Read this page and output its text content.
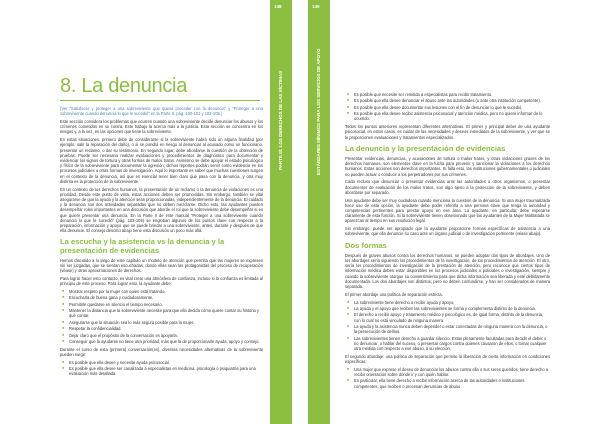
8. La denuncia

(Ver “Satisfacer y proteger a una sobreviviente que quiera proceder con la denuncia” y “Proteger a una sobreviviente cuando denuncia lo que le sucedió” en la Parte II, pág. 100-101 y 102-105.)

Este sección considera los problemas que ocurren cuando una sobreviviente decide denunciar los abusos y los crímenes cometidos en su contra. Este trabajo la acerca más a la justicia. Esta sección se concentra en los riesgos y, a la vez, en las opciones que tiene la sobreviviente.

En estas situaciones, primero debe de considerarse si la sobreviviente habrá sido un alguna finalidad (por ejemplo: salir la reparación del daño), o si se pondrá en riesgo al denunciar al acusado como un funcionario, presentar un reclamo, o dar su testimonio. En segundo lugar, debe abordarse la cuestión de la obtención de pruebas. Puede ser necesario realizar evaluaciones y procedimientos de diagnóstico para documentar y evidenciar los signos de tortura y otras formas de malos tratos. Asimismo se debe apoyar el estado psicológico y físico de la sobreviviente para documentar la agresión; dichos reportes podrán servir como evidencia en los procesos judiciales u otras formas de investigación. Aquí lo importante es saber que muchas cuestiones surgen en el contexto de la denuncia, así que es esencial tener bien claro qué pasa con la denuncia, y otra muy distinta es la protección de la sobreviviente.

En un contexto de los derechos humanos, la presentación de un reclamo o la denuncia de violaciones es una prioridad. Desde este punto de vista, estas acciones deben ser promovidas. Sin embargo, también se vital asegurarse de que la ayuda y la atención sean proporcionadas, independientemente de la denuncia. El cuidado y la denuncia son dos actividades separadas que no deben mezclarse. Dicho esto, las ayudantes pueden desempeñar roles importantes en una discusión que aborde el rol que la sobreviviente debe desempeñar si es que quiere presentar una denuncia. En la Parte II de este manual “Proteger a una sobreviviente cuando denuncia lo que le sucedió” (pág. 102-105) se engloban algunos de los puntos clave con respecto a la preparación, información y apoyo que se puede brindar a una sobreviviente, antes, durante y después de que ella denuncie. El consejo descrito abajo tiene esta discusión un poco más allá.

La escucha y la asistencia vs la denuncia y la presentación de evidencias

Hemos discutido a lo largo de este capítulo un modelo de atención que permita que las mujeres se expresen sin ser juzgadas, que se sientan escuchadas, donde ellas sean las protagonistas del proceso de recuperación (véase) y otras aproximaciones de derechos.

Para lograr hacer esto contacto, es vital crear una atmósfera de confianza, incluso si la confianza es limitada al principio de este proceso. Para lograr esto, la ayudante debe:

■ Mostrar respeto por la mujer con quien está tratando.
■ Escucharla de buena gana y cuidadosamente.
■ Permitirle quedarse en silencio el tiempo necesario.
■ Mantener la distancia que la sobreviviente necesite para que ella decida cómo quiere contar su historia y qué contar.
■ Asegurarse que la situación sea lo más segura posible para la mujer.
■ Respetar la confidencialidad.
■ Dejar claro que el propósito de la conversación es apoyarla.
■ Conseguir que la ayudante no tiene otra prioridad, más que la de proporcionarle ayuda, apoyo y consejo.

Durante el curso de esta (primera) conversación(es), diversas necesidades alternativas de la sobreviviente pueden surgir:

■ Es posible que ella desee y necesite ayuda psicosocial.
■ Es posible que ella desee ser canalizada a especialistas en medicina, psicología o psiquiatría para una evaluación más detallada.
148
PARTE III: LOS DERECHOS DE LAS VÍCTIMAS
149
ESTÁNDARES MÍNIMOS PARA LOS SERVICIOS DE APOYO
■	Es posible que necesite ser remitida a especialistas para recibir tratamiento.
■ Es posible que ella desee denunciar el abuso ante las autoridades (o ante otra institución competente).
■ Es posible que ella desee documentar sus lesiones con el fin de denunciar lo que le sucedió.
■ Es posible que ella desee recibir asistencia psicosocial y atención médica, pero no quiere informar de lo ocurrido.

Todos los puntos anteriores representan diferentes alternativas. El primer y principal deber de una ayudante psicosocial, en estos casos, es cuidar de las necesidades y deseos inmediatos de la sobreviviente, y ver que se le proporcionen evaluaciones y tratamientos especializados.

La denuncia y la presentación de evidencias

Presentar evidencias, denuncias, y acusaciones de tortura o malos tratos, y otras violaciones graves de los derechos humanos, son elementos clave en la lucha para prevenir y sancionar la violaciones a los derechos humanos. Estas acciones son derechos importantes. Si falla esto, las instituciones gubernamentales o judiciales no pueden actuar o conducir a los perpetradores por sus crímenes.

Cada recluso que denunciar o presentar evidencias ante las autoridades u otros organismos, o presentar documentos de evaluación de los malos tratos, son algo ajeno a la protección de la sobreviviente, y deben abordarse por separado.

Una ayudante debe ser muy cuidadosa cuando menciona la cuestión de la denuncia. Si una mujer traumatizada hace uso de esta opción, la ayudante debe poder referirla a una persona clave que tenga la autoridad y competencias pertinentes para prestar apoyo en ese área. La ayudante, en particular, debe esperarse claramente de esta función. Si la sobreviviente tienen obsesionado que las ayudantes de la Mujer Maltratada se aparezcan al tiempo en sus resolución legal.

Sin embargo, puede ser apropiado que la ayudante proporcione formas específicas de asistencia a una sobreviviente, que ella denuncie su caso ante un órgano judicial o de investigación pertinente (véase abajo).

Dos formas

Después de graves abusos contra los derechos humanos, se pueden adoptar dos tipos de abordajes. Uno de los abordajes sería siguiendo los procedimientos de la investigación, de los procedimientos de atención. El otro, sería los procedimientos de investigación de la prestación de atención, pero reconoce que ciertos tipos de información médica deben estar disponibles en los procesos judiciales o policiales o investigación, siempre y cuando la sobreviviente otorgue su consentimiento para que dicha información sea liberada y esté debidamente documentada. Los dos abordajes son distintos, pero no deben confundirse, y han ser considerados de manera separada.

El primer abordaje una política de separación estricta.

■ La sobreviviente tiene derecho a recibir ayuda y apoyo.
■ La ayuda y el apoyo que reciben las sobrevivientes se forma y complementa distinto de la denuncia.
■ El derecho a recibir apoyo y tratamiento médico y psicológico es, de igual forma, distinto de la denuncia, con lo cual no está vinculado de ninguna manera.
■ La ayuda y la asistencia nunca deben depender o estar conectadas de ninguna manera con la denuncia, o la persecución de delitos.
■ Las sobrevivientes tienen derecho a guardar silencio. Estas plenamente facultadas para decidir el deber o no denunciar, o hablar del suceso, o presentar cargos contra quienes causaron de ellos, o tomar cualquier otra medida con respecto a ese abuso, a su elección.

El segundo abordaje: una política de separación que permite la liberación de cierta información en condiciones específicas:

■ Una mujer que exprese el deseo de denunciar los abusos contra ella o sus seres queridos, tiene derecho a recibir orientación sobre dónde ir y con quién hablar.
■ En particular, ella tiene derecho a recibir información acerca de las autoridades e instituciones competentes, que reciben o procesan denuncias de abuso
